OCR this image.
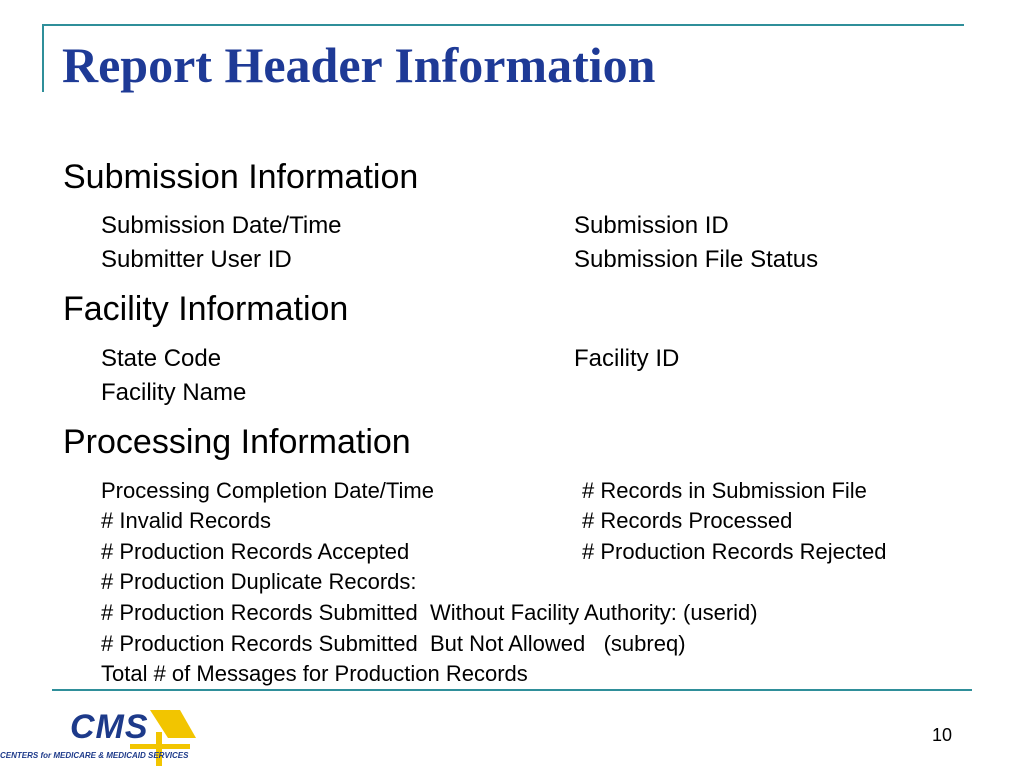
Report Header Information
Submission Information
Submission Date/Time	Submission ID
Submitter User ID	Submission File Status
Facility Information
State Code	Facility ID
Facility Name
Processing Information
Processing Completion Date/Time	# Records in Submission File
# Invalid Records	# Records Processed
# Production Records Accepted	# Production Records Rejected
# Production Duplicate Records:
# Production Records Submitted  Without Facility Authority: (userid)
# Production Records Submitted  But Not Allowed   (subreq)
Total # of Messages for Production Records
CMS
CENTERS for MEDICARE & MEDICAID SERVICES
10
